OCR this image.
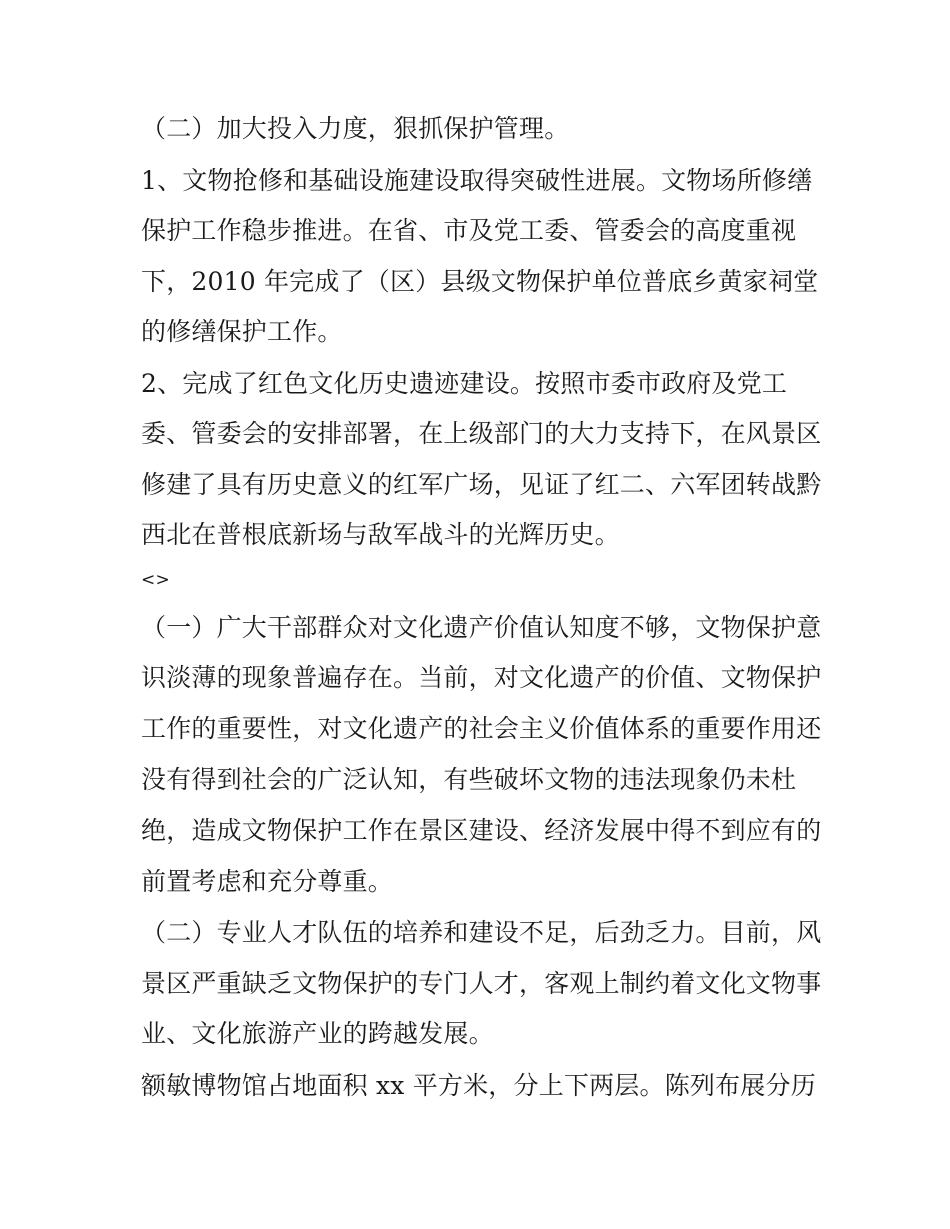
（二）加大投入力度，狠抓保护管理。
1、文物抢修和基础设施建设取得突破性进展。文物场所修缮
保护工作稳步推进。在省、市及党工委、管委会的高度重视
下，2010 年完成了（区）县级文物保护单位普底乡黄家祠堂
的修缮保护工作。
2、完成了红色文化历史遗迹建设。按照市委市政府及党工
委、管委会的安排部署，在上级部门的大力支持下，在风景区
修建了具有历史意义的红军广场，见证了红二、六军团转战黔
西北在普根底新场与敌军战斗的光辉历史。
<>
（一）广大干部群众对文化遗产价值认知度不够，文物保护意
识淡薄的现象普遍存在。当前，对文化遗产的价值、文物保护
工作的重要性，对文化遗产的社会主义价值体系的重要作用还
没有得到社会的广泛认知，有些破坏文物的违法现象仍未杜
绝，造成文物保护工作在景区建设、经济发展中得不到应有的
前置考虑和充分尊重。
（二）专业人才队伍的培养和建设不足，后劲乏力。目前，风
景区严重缺乏文物保护的专门人才，客观上制约着文化文物事
业、文化旅游产业的跨越发展。
额敏博物馆占地面积 xx 平方米，分上下两层。陈列布展分历
